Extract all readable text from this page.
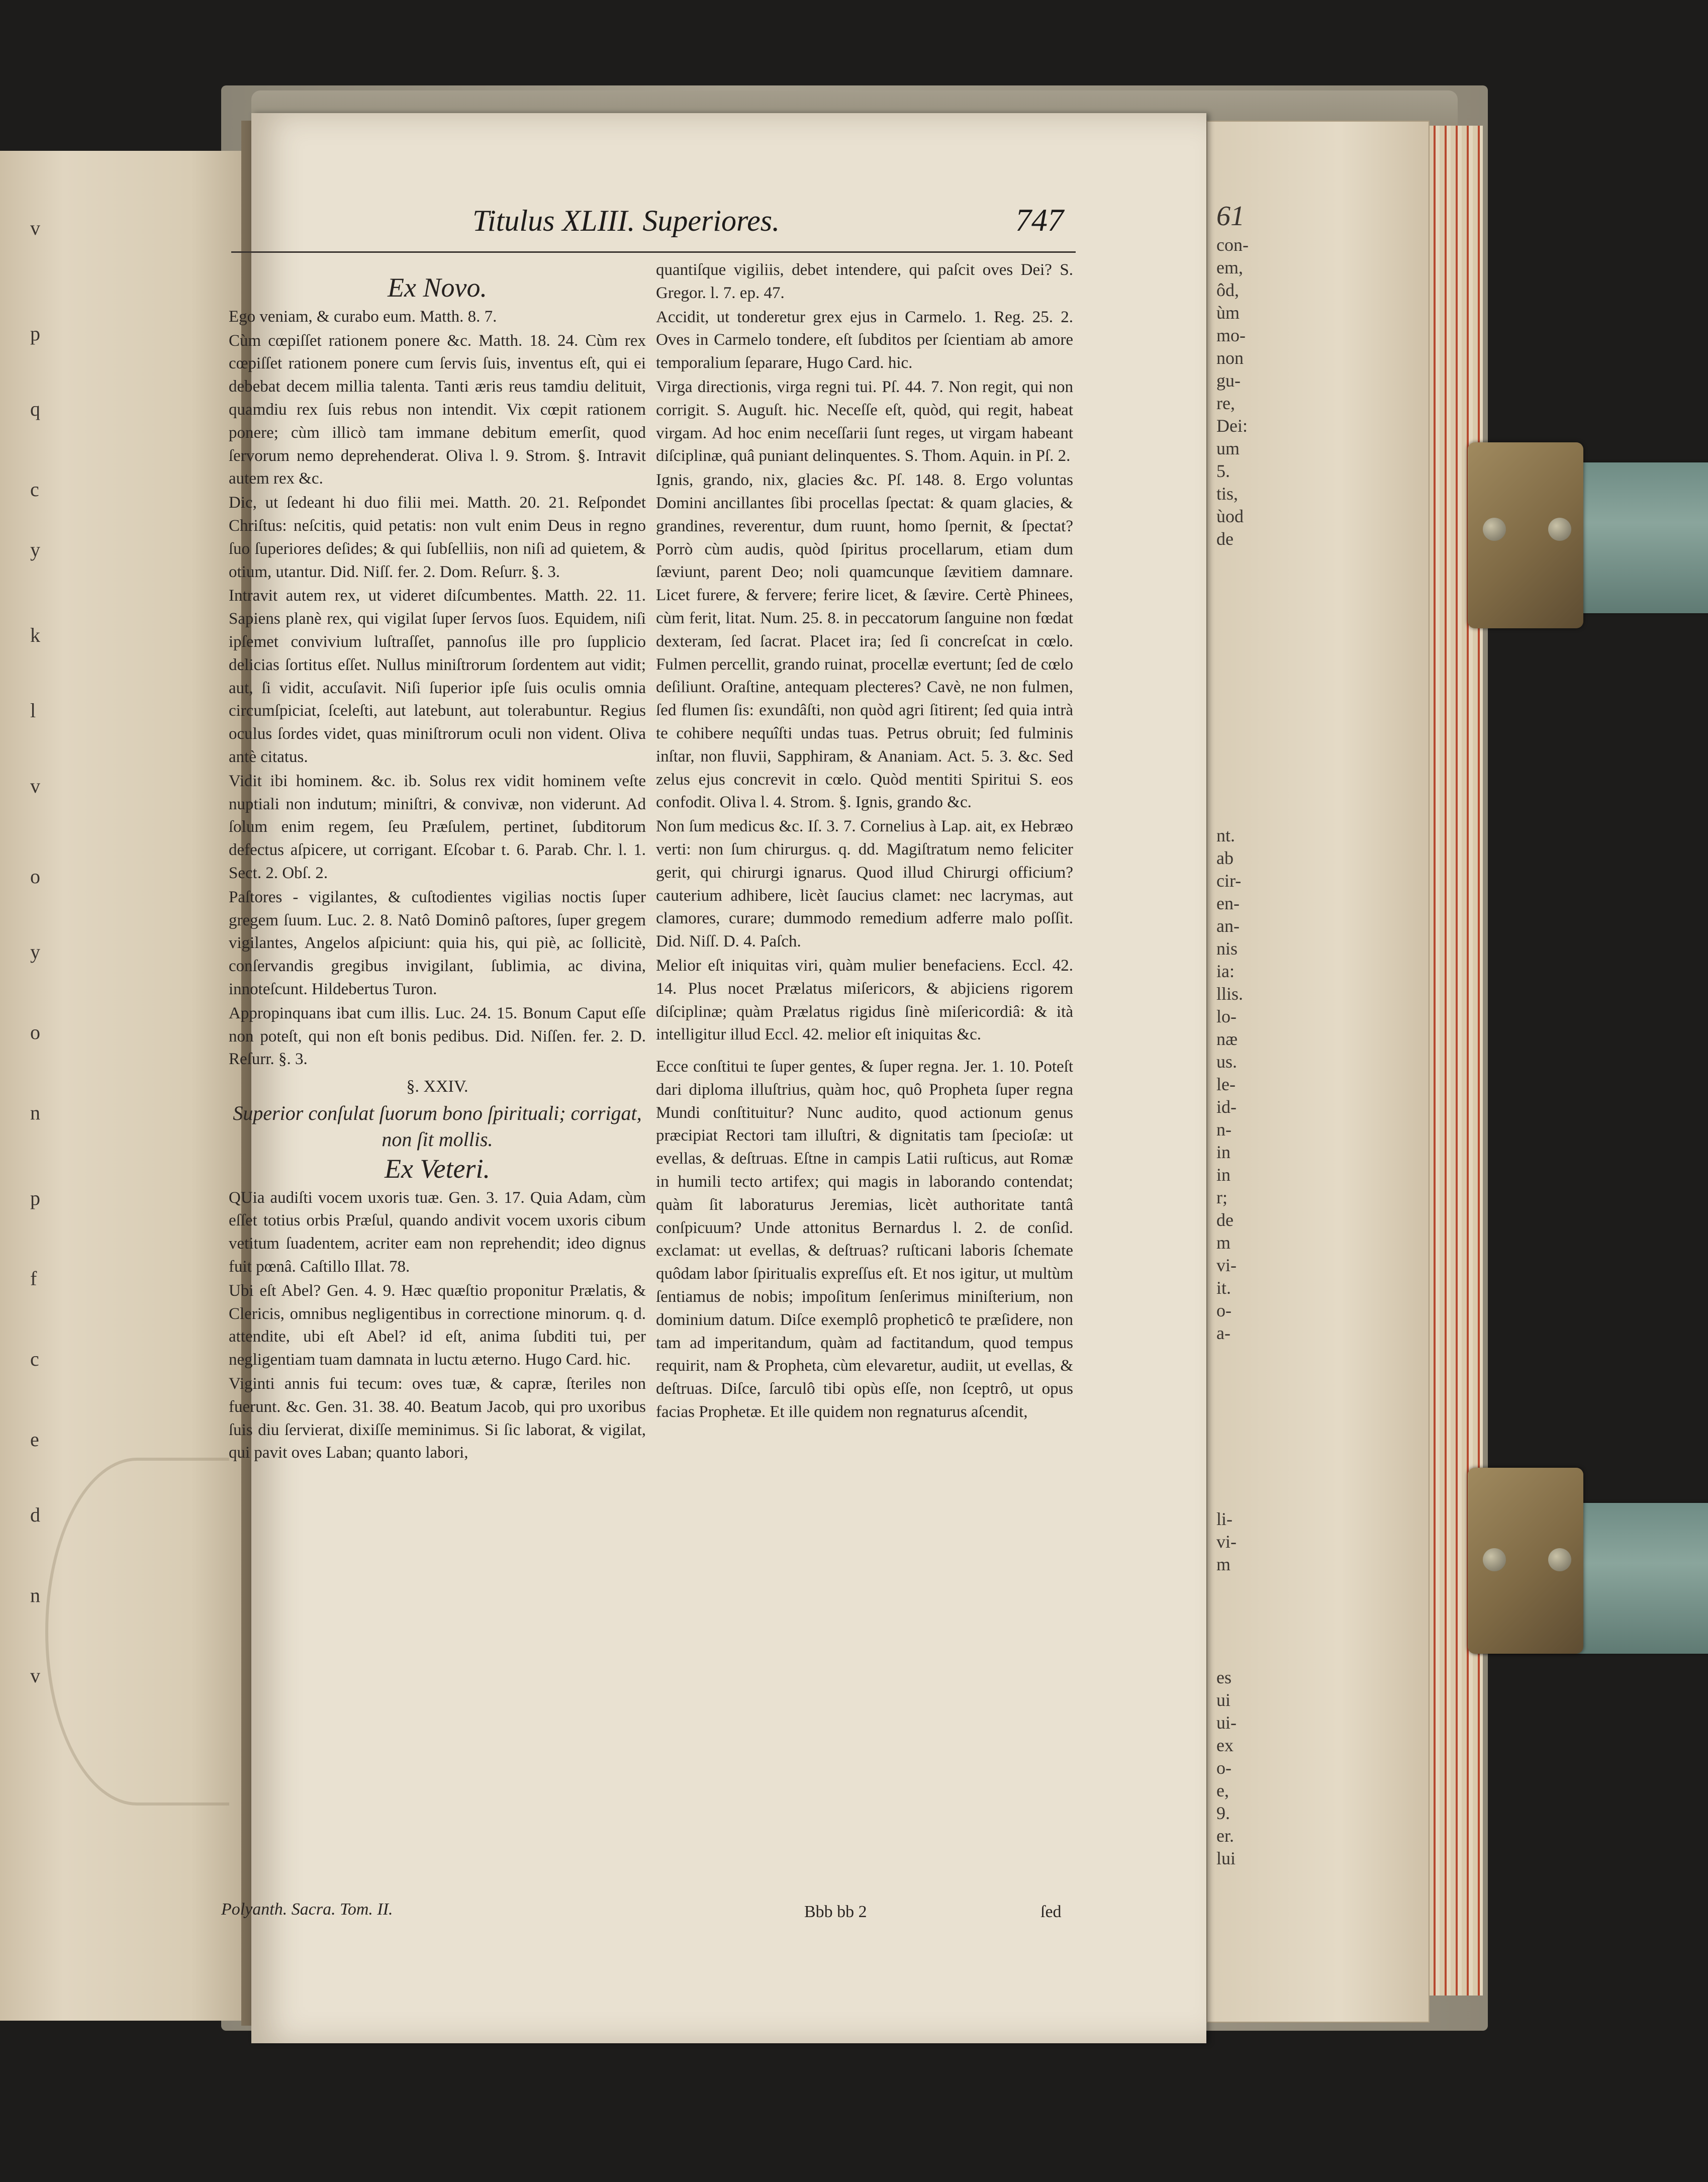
v
p
q
c
y
k
l
v
o
y
o
n
p
f
c
e
d
n
v
61
con-
em,
ôd,
ùm
mo-
non
gu-
re,
Dei:
um
5.
tis,
ùod
de
nt.
ab
cir-
en-
an-
nis
ia:
llis.
lo-
næ
us.
le-
id-
n-
in
in
r;
de
m
vi-
it.
o-
a-
li-
vi-
m
es
ui
ui-
ex
o-
e,
9.
er.
lui
Titulus XLIII. Superiores.	747
Ex Novo.

Ego veniam, & curabo eum. Matth. 8. 7.

Cùm cœpiſſet rationem ponere &c. Matth. 18. 24. Cùm rex cœpiſſet rationem ponere cum ſervis ſuis, inventus eſt, qui ei debebat decem millia talenta. Tanti æris reus tamdiu delituit, quamdiu rex ſuis rebus non intendit. Vix cœpit rationem ponere; cùm illicò tam immane debitum emerſit, quod ſervorum nemo deprehenderat. Oliva l. 9. Strom. §. Intravit autem rex &c.

Dic, ut ſedeant hi duo filii mei. Matth. 20. 21. Reſpondet Chriſtus: neſcitis, quid petatis: non vult enim Deus in regno ſuo ſuperiores deſides; & qui ſubſelliis, non niſi ad quietem, & otium, utantur. Did. Niſſ. fer. 2. Dom. Reſurr. §. 3.

Intravit autem rex, ut videret diſcumbentes. Matth. 22. 11. Sapiens planè rex, qui vigilat ſuper ſervos ſuos. Equidem, niſi ipſemet convivium luſtraſſet, pannoſus ille pro ſupplicio delicias ſortitus eſſet. Nullus miniſtrorum ſordentem aut vidit; aut, ſi vidit, accuſavit. Niſi ſuperior ipſe ſuis oculis omnia circumſpiciat, ſceleſti, aut latebunt, aut tolerabuntur. Regius oculus ſordes videt, quas miniſtrorum oculi non vident. Oliva antè citatus.

Vidit ibi hominem. &c. ib. Solus rex vidit hominem veſte nuptiali non indutum; miniſtri, & convivæ, non viderunt. Ad ſolum enim regem, ſeu Præſulem, pertinet, ſubditorum defectus aſpicere, ut corrigant. Eſcobar t. 6. Parab. Chr. l. 1. Sect. 2. Obſ. 2.

Paſtores - vigilantes, & cuſtodientes vigilias noctis ſuper gregem ſuum. Luc. 2. 8. Natô Dominô paſtores, ſuper gregem vigilantes, Angelos aſpiciunt: quia his, qui piè, ac ſollicitè, conſervandis gregibus invigilant, ſublimia, ac divina, innoteſcunt. Hildebertus Turon.

Appropinquans ibat cum illis. Luc. 24. 15. Bonum Caput eſſe non poteſt, qui non eſt bonis pedibus. Did. Niſſen. fer. 2. D. Reſurr. §. 3.

§. XXIV.
Superior conſulat ſuorum bono ſpirituali; corrigat, non ſit mollis.
Ex Veteri.

QUia audiſti vocem uxoris tuæ. Gen. 3. 17. Quia Adam, cùm eſſet totius orbis Præſul, quando andivit vocem uxoris cibum vetitum ſuadentem, acriter eam non reprehendit; ideo dignus fuit pœnâ. Caſtillo Illat. 78.

Ubi eſt Abel? Gen. 4. 9. Hæc quæſtio proponitur Prælatis, & Clericis, omnibus negligentibus in correctione minorum. q. d. attendite, ubi eſt Abel? id eſt, anima ſubditi tui, per negligentiam tuam damnata in luctu æterno. Hugo Card. hic.

Viginti annis fui tecum: oves tuæ, & capræ, ſteriles non fuerunt. &c. Gen. 31. 38. 40. Beatum Jacob, qui pro uxoribus ſuis diu ſervierat, dixiſſe meminimus. Si ſic laborat, & vigilat, qui pavit oves Laban; quanto labori,

quantiſque vigiliis, debet intendere, qui paſcit oves Dei? S. Gregor. l. 7. ep. 47.

Accidit, ut tonderetur grex ejus in Carmelo. 1. Reg. 25. 2. Oves in Carmelo tondere, eſt ſubditos per ſcientiam ab amore temporalium ſeparare, Hugo Card. hic.

Virga directionis, virga regni tui. Pſ. 44. 7. Non regit, qui non corrigit. S. Auguſt. hic. Neceſſe eſt, quòd, qui regit, habeat virgam. Ad hoc enim neceſſarii ſunt reges, ut virgam habeant diſciplinæ, quâ puniant delinquentes. S. Thom. Aquin. in Pſ. 2.

Ignis, grando, nix, glacies &c. Pſ. 148. 8. Ergo voluntas Domini ancillantes ſibi procellas ſpectat: & quam glacies, & grandines, reverentur, dum ruunt, homo ſpernit, & ſpectat? Porrò cùm audis, quòd ſpiritus procellarum, etiam dum ſæviunt, parent Deo; noli quamcunque ſævitiem damnare. Licet furere, & fervere; ferire licet, & ſævire. Certè Phinees, cùm ferit, litat. Num. 25. 8. in peccatorum ſanguine non fœdat dexteram, ſed ſacrat. Placet ira; ſed ſi concreſcat in cœlo. Fulmen percellit, grando ruinat, procellæ evertunt; ſed de cœlo deſiliunt. Oraſtine, antequam plecteres? Cavè, ne non fulmen, ſed flumen ſis: exundâſti, non quòd agri ſitirent; ſed quia intrà te cohibere nequîſti undas tuas. Petrus obruit; ſed fulminis inſtar, non fluvii, Sapphiram, & Ananiam. Act. 5. 3. &c. Sed zelus ejus concrevit in cœlo. Quòd mentiti Spiritui S. eos confodit. Oliva l. 4. Strom. §. Ignis, grando &c.

Non ſum medicus &c. Iſ. 3. 7. Cornelius à Lap. ait, ex Hebræo verti: non ſum chirurgus. q. dd. Magiſtratum nemo feliciter gerit, qui chirurgi ignarus. Quod illud Chirurgi officium? cauterium adhibere, licèt ſaucius clamet: nec lacrymas, aut clamores, curare; dummodo remedium adferre malo poſſit. Did. Niſſ. D. 4. Paſch.

Melior eſt iniquitas viri, quàm mulier benefaciens. Eccl. 42. 14. Plus nocet Prælatus miſericors, & abjiciens rigorem diſciplinæ; quàm Prælatus rigidus ſinè miſericordiâ: & ità intelligitur illud Eccl. 42. melior eſt iniquitas &c.

Ecce conſtitui te ſuper gentes, & ſuper regna. Jer. 1. 10. Poteſt dari diploma illuſtrius, quàm hoc, quô Propheta ſuper regna Mundi conſtituitur? Nunc audito, quod actionum genus præcipiat Rectori tam illuſtri, & dignitatis tam ſpecioſæ: ut evellas, & deſtruas. Eſtne in campis Latii ruſticus, aut Romæ in humili tecto artifex; qui magis in laborando contendat; quàm ſit laboraturus Jeremias, licèt authoritate tantâ conſpicuum? Unde attonitus Bernardus l. 2. de conſid. exclamat: ut evellas, & deſtruas? ruſticani laboris ſchemate quôdam labor ſpiritualis expreſſus eſt. Et nos igitur, ut multùm ſentiamus de nobis; impoſitum ſenſerimus miniſterium, non dominium datum. Diſce exemplô propheticô te præſidere, non tam ad imperitandum, quàm ad factitandum, quod tempus requirit, nam & Propheta, cùm elevaretur, audiit, ut evellas, & deſtruas. Diſce, ſarculô tibi opùs eſſe, non ſceptrô, ut opus facias Prophetæ. Et ille quidem non regnaturus aſcendit,

Polyanth. Sacra. Tom. II.	Bbb bb 2	ſed
